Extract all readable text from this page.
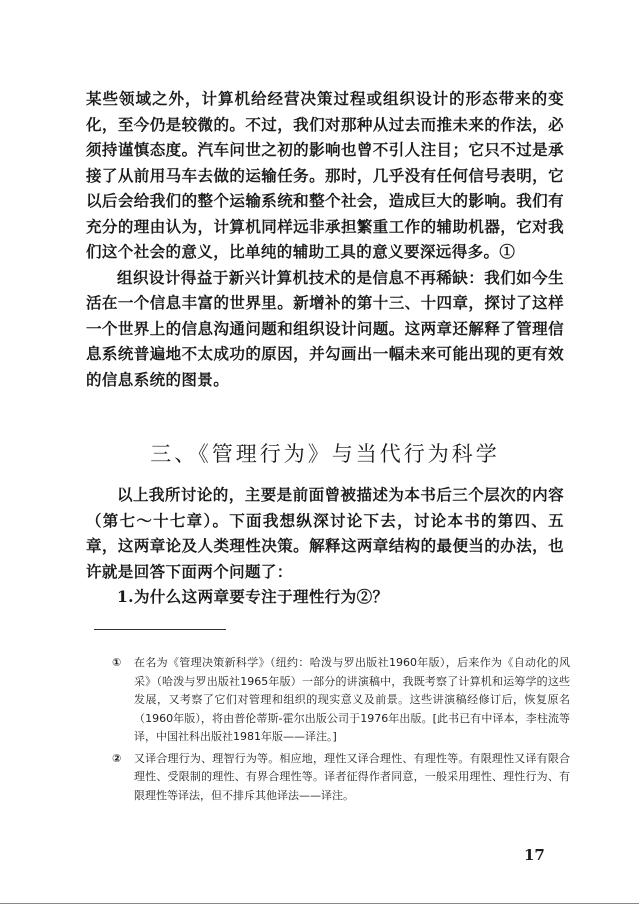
某些领域之外，计算机给经营决策过程或组织设计的形态带来的变化，至今仍是较微的。不过，我们对那种从过去而推未来的作法，必须持谨慎态度。汽车问世之初的影响也曾不引人注目；它只不过是承接了从前用马车去做的运输任务。那时，几乎没有任何信号表明，它以后会给我们的整个运输系统和整个社会，造成巨大的影响。我们有充分的理由认为，计算机同样远非承担繁重工作的辅助机器，它对我们这个社会的意义，比单纯的辅助工具的意义要深远得多。①

组织设计得益于新兴计算机技术的是信息不再稀缺：我们如今生活在一个信息丰富的世界里。新增补的第十三、十四章，探讨了这样一个世界上的信息沟通问题和组织设计问题。这两章还解释了管理信息系统普遍地不太成功的原因，并勾画出一幅未来可能出现的更有效的信息系统的图景。

三、《管理行为》与当代行为科学

以上我所讨论的，主要是前面曾被描述为本书后三个层次的内容（第七～十七章）。下面我想纵深讨论下去，讨论本书的第四、五章，这两章论及人类理性决策。解释这两章结构的最便当的办法，也许就是回答下面两个问题了：

1.为什么这两章要专注于理性行为②？

① 在名为《管理决策新科学》（纽约：哈泼与罗出版社1960年版），后来作为《自动化的风采》（哈泼与罗出版社1965年版）一部分的讲演稿中，我既考察了计算机和运筹学的这些发展，又考察了它们对管理和组织的现实意义及前景。这些讲演稿经修订后，恢复原名（1960年版），将由普伦蒂斯-霍尔出版公司于1976年出版。[此书已有中译本，李柱流等译，中国社科出版社1981年版——译注。]
② 又译合理行为、理智行为等。相应地，理性又译合理性、有理性等。有限理性又译有限合理性、受限制的理性、有界合理性等。译者征得作者同意，一般采用理性、理性行为、有限理性等译法，但不排斥其他译法——译注。
17
